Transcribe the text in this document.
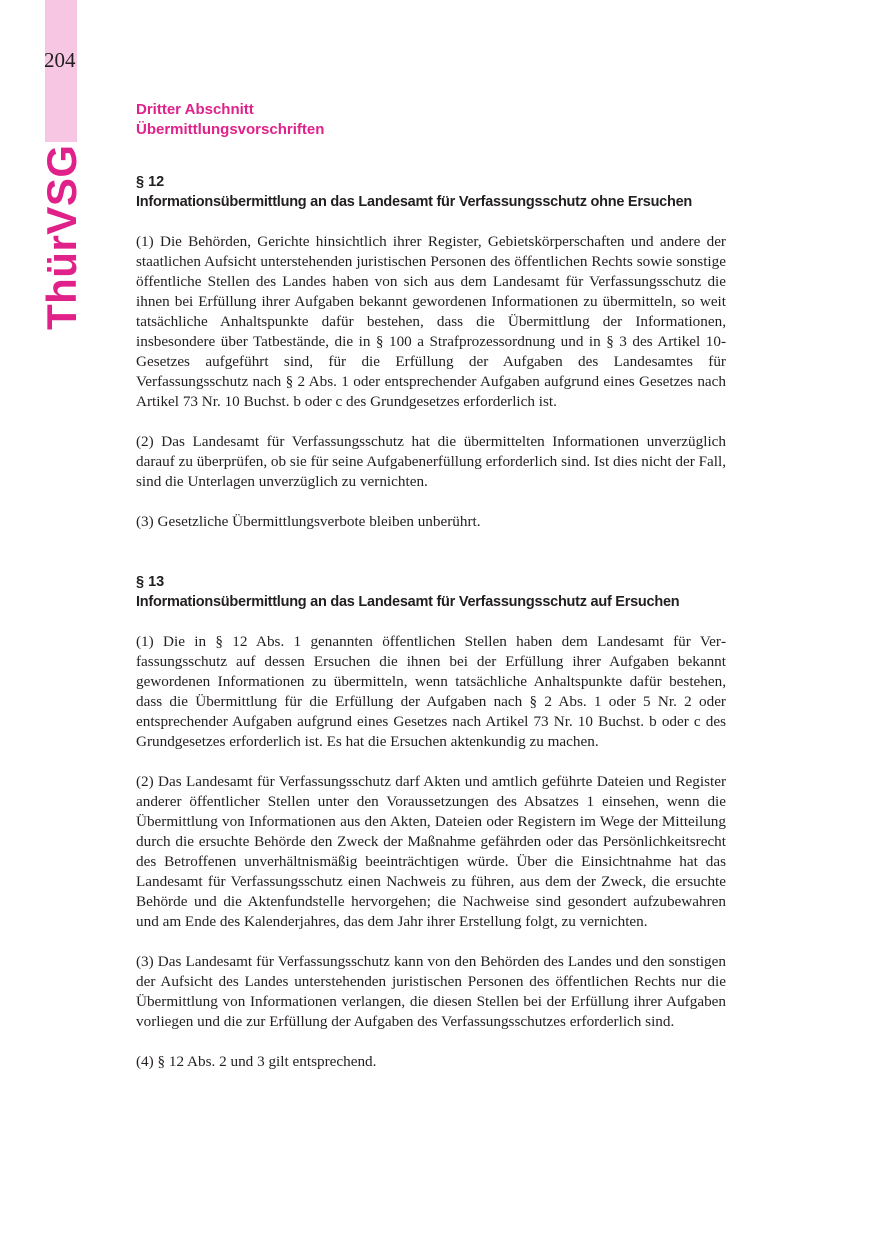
204
ThürVSG
Dritter Abschnitt
Übermittlungsvorschriften
§ 12
Informationsübermittlung an das Landesamt für Verfassungsschutz ohne Ersuchen

(1) Die Behörden, Gerichte hinsichtlich ihrer Register, Gebietskörperschaften und andere der staatlichen Aufsicht unterstehenden juristischen Personen des öffentlichen Rechts sowie sonstige öffentliche Stellen des Landes haben von sich aus dem Landesamt für Verfassungsschutz die ihnen bei Erfüllung ihrer Aufgaben bekannt gewordenen Informationen zu übermitteln, so weit tatsächliche Anhaltspunkte dafür bestehen, dass die Übermittlung der Informationen, insbesondere über Tatbestände, die in § 100 a Strafprozessordnung und in § 3 des Artikel 10-Gesetzes aufgeführt sind, für die Erfüllung der Aufgaben des Landesamtes für Verfassungsschutz nach § 2 Abs. 1 oder entsprechender Aufgaben aufgrund eines Gesetzes nach Artikel 73 Nr. 10 Buchst. b oder c des Grundgesetzes erforderlich ist.

(2) Das Landesamt für Verfassungsschutz hat die übermittelten Informationen unverzüglich darauf zu überprüfen, ob sie für seine Aufgabenerfüllung erforderlich sind. Ist dies nicht der Fall, sind die Unterlagen unverzüglich zu vernichten.

(3) Gesetzliche Übermittlungsverbote bleiben unberührt.

§ 13
Informationsübermittlung an das Landesamt für Verfassungsschutz auf Ersuchen

(1) Die in § 12 Abs. 1 genannten öffentlichen Stellen haben dem Landesamt für Verfassungsschutz auf dessen Ersuchen die ihnen bei der Erfüllung ihrer Aufgaben bekannt gewordenen Informationen zu übermitteln, wenn tatsächliche Anhaltspunkte dafür bestehen, dass die Übermittlung für die Erfüllung der Aufgaben nach § 2 Abs. 1 oder 5 Nr. 2 oder entsprechender Aufgaben aufgrund eines Gesetzes nach Artikel 73 Nr. 10 Buchst. b oder c des Grundgesetzes erforderlich ist. Es hat die Ersuchen aktenkundig zu machen.

(2) Das Landesamt für Verfassungsschutz darf Akten und amtlich geführte Dateien und Register anderer öffentlicher Stellen unter den Voraussetzungen des Absatzes 1 einsehen, wenn die Übermittlung von Informationen aus den Akten, Dateien oder Registern im Wege der Mitteilung durch die ersuchte Behörde den Zweck der Maßnahme gefährden oder das Persönlichkeitsrecht des Betroffenen unverhältnismäßig beeinträchtigen würde. Über die Einsichtnahme hat das Landesamt für Verfassungsschutz einen Nachweis zu führen, aus dem der Zweck, die ersuchte Behörde und die Aktenfundstelle hervorgehen; die Nachweise sind gesondert aufzubewahren und am Ende des Kalenderjahres, das dem Jahr ihrer Erstellung folgt, zu vernichten.

(3) Das Landesamt für Verfassungsschutz kann von den Behörden des Landes und den sonstigen der Aufsicht des Landes unterstehenden juristischen Personen des öffentlichen Rechts nur die Übermittlung von Informationen verlangen, die diesen Stellen bei der Erfüllung ihrer Aufgaben vorliegen und die zur Erfüllung der Aufgaben des Verfassungsschutzes erforderlich sind.

(4) § 12 Abs. 2 und 3 gilt entsprechend.
